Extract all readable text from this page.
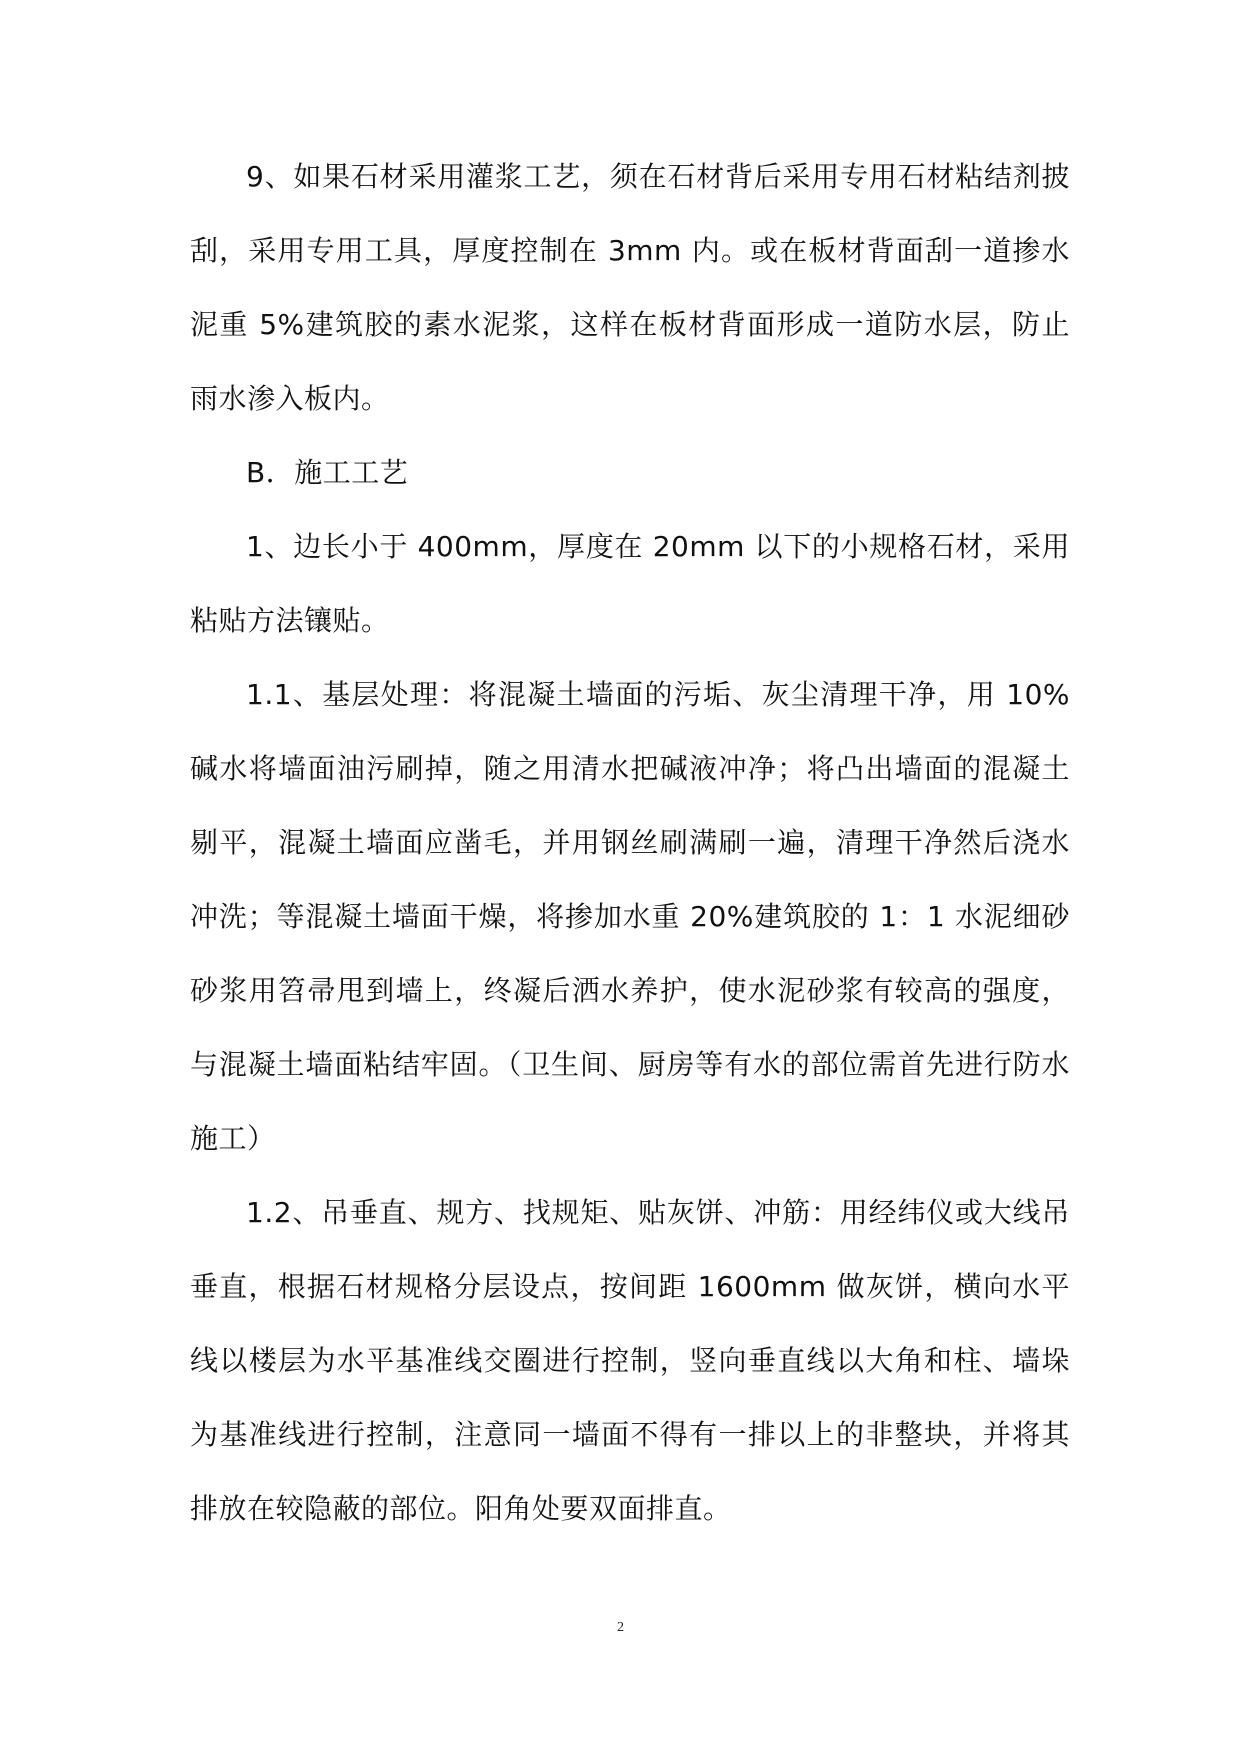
9、如果石材采用灌浆工艺，须在石材背后采用专用石材粘结剂披刮，采用专用工具，厚度控制在 3mm 内。或在板材背面刮一道掺水泥重 5%建筑胶的素水泥浆，这样在板材背面形成一道防水层，防止雨水渗入板内。

B．施工工艺

1、边长小于 400mm，厚度在 20mm 以下的小规格石材，采用粘贴方法镶贴。

1.1、基层处理：将混凝土墙面的污垢、灰尘清理干净，用 10%碱水将墙面油污刷掉，随之用清水把碱液冲净；将凸出墙面的混凝土剔平，混凝土墙面应凿毛，并用钢丝刷满刷一遍，清理干净然后浇水冲洗；等混凝土墙面干燥，将掺加水重 20%建筑胶的 1：1 水泥细砂砂浆用笤帚甩到墙上，终凝后洒水养护，使水泥砂浆有较高的强度，与混凝土墙面粘结牢固。（卫生间、厨房等有水的部位需首先进行防水施工）

1.2、吊垂直、规方、找规矩、贴灰饼、冲筋：用经纬仪或大线吊垂直，根据石材规格分层设点，按间距 1600mm 做灰饼，横向水平线以楼层为水平基准线交圈进行控制，竖向垂直线以大角和柱、墙垛为基准线进行控制，注意同一墙面不得有一排以上的非整块，并将其排放在较隐蔽的部位。阳角处要双面排直。

2
